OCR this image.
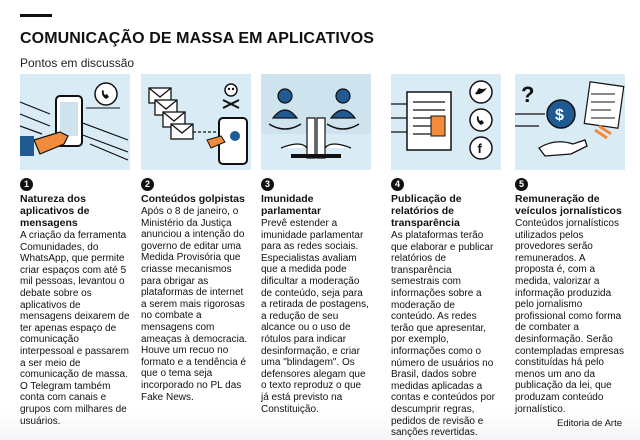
COMUNICAÇÃO DE MASSA EM APLICATIVOS
Pontos em discussão
1
Natureza dos aplicativos de mensagens
A criação da ferramenta Comunidades, do WhatsApp, que permite criar espaços com até 5 mil pessoas, levantou o debate sobre os aplicativos de mensagens deixarem de ter apenas espaço de comunicação interpessoal e passarem a ser meio de comunicação de massa. O Telegram também conta com canais e grupos com milhares de usuários.
2
Conteúdos golpistas
Após o 8 de janeiro, o Ministério da Justiça anunciou a intenção do governo de editar uma Medida Provisória que criasse mecanismos para obrigar as plataformas de internet a serem mais rigorosas no combate a mensagens com ameaças à democracia. Houve um recuo no formato e a tendência é que o tema seja incorporado no PL das Fake News.
3
Imunidade parlamentar
Prevê estender a imunidade parlamentar para as redes sociais. Especialistas avaliam que a medida pode dificultar a moderação de conteúdo, seja para a retirada de postagens, a redução de seu alcance ou o uso de rótulos para indicar desinformação, e criar uma "blindagem". Os defensores alegam que o texto reproduz o que já está previsto na Constituição.
f
4
Publicação de relatórios de transparência
As plataformas terão que elaborar e publicar relatórios de transparência semestrais com informações sobre a moderação de conteúdo. As redes terão que apresentar, por exemplo, informações como o número de usuários no Brasil, dados sobre medidas aplicadas a contas e conteúdos por descumprir regras, pedidos de revisão e sanções revertidas.
?
$
5
Remuneração de veículos jornalísticos
Conteúdos jornalísticos utilizados pelos provedores serão remunerados. A proposta é, com a medida, valorizar a informação produzida pelo jornalismo profissional como forma de combater a desinformação. Serão contempladas empresas constituídas há pelo menos um ano da publicação da lei, que produzam conteúdo jornalístico.
Editoria de Arte
